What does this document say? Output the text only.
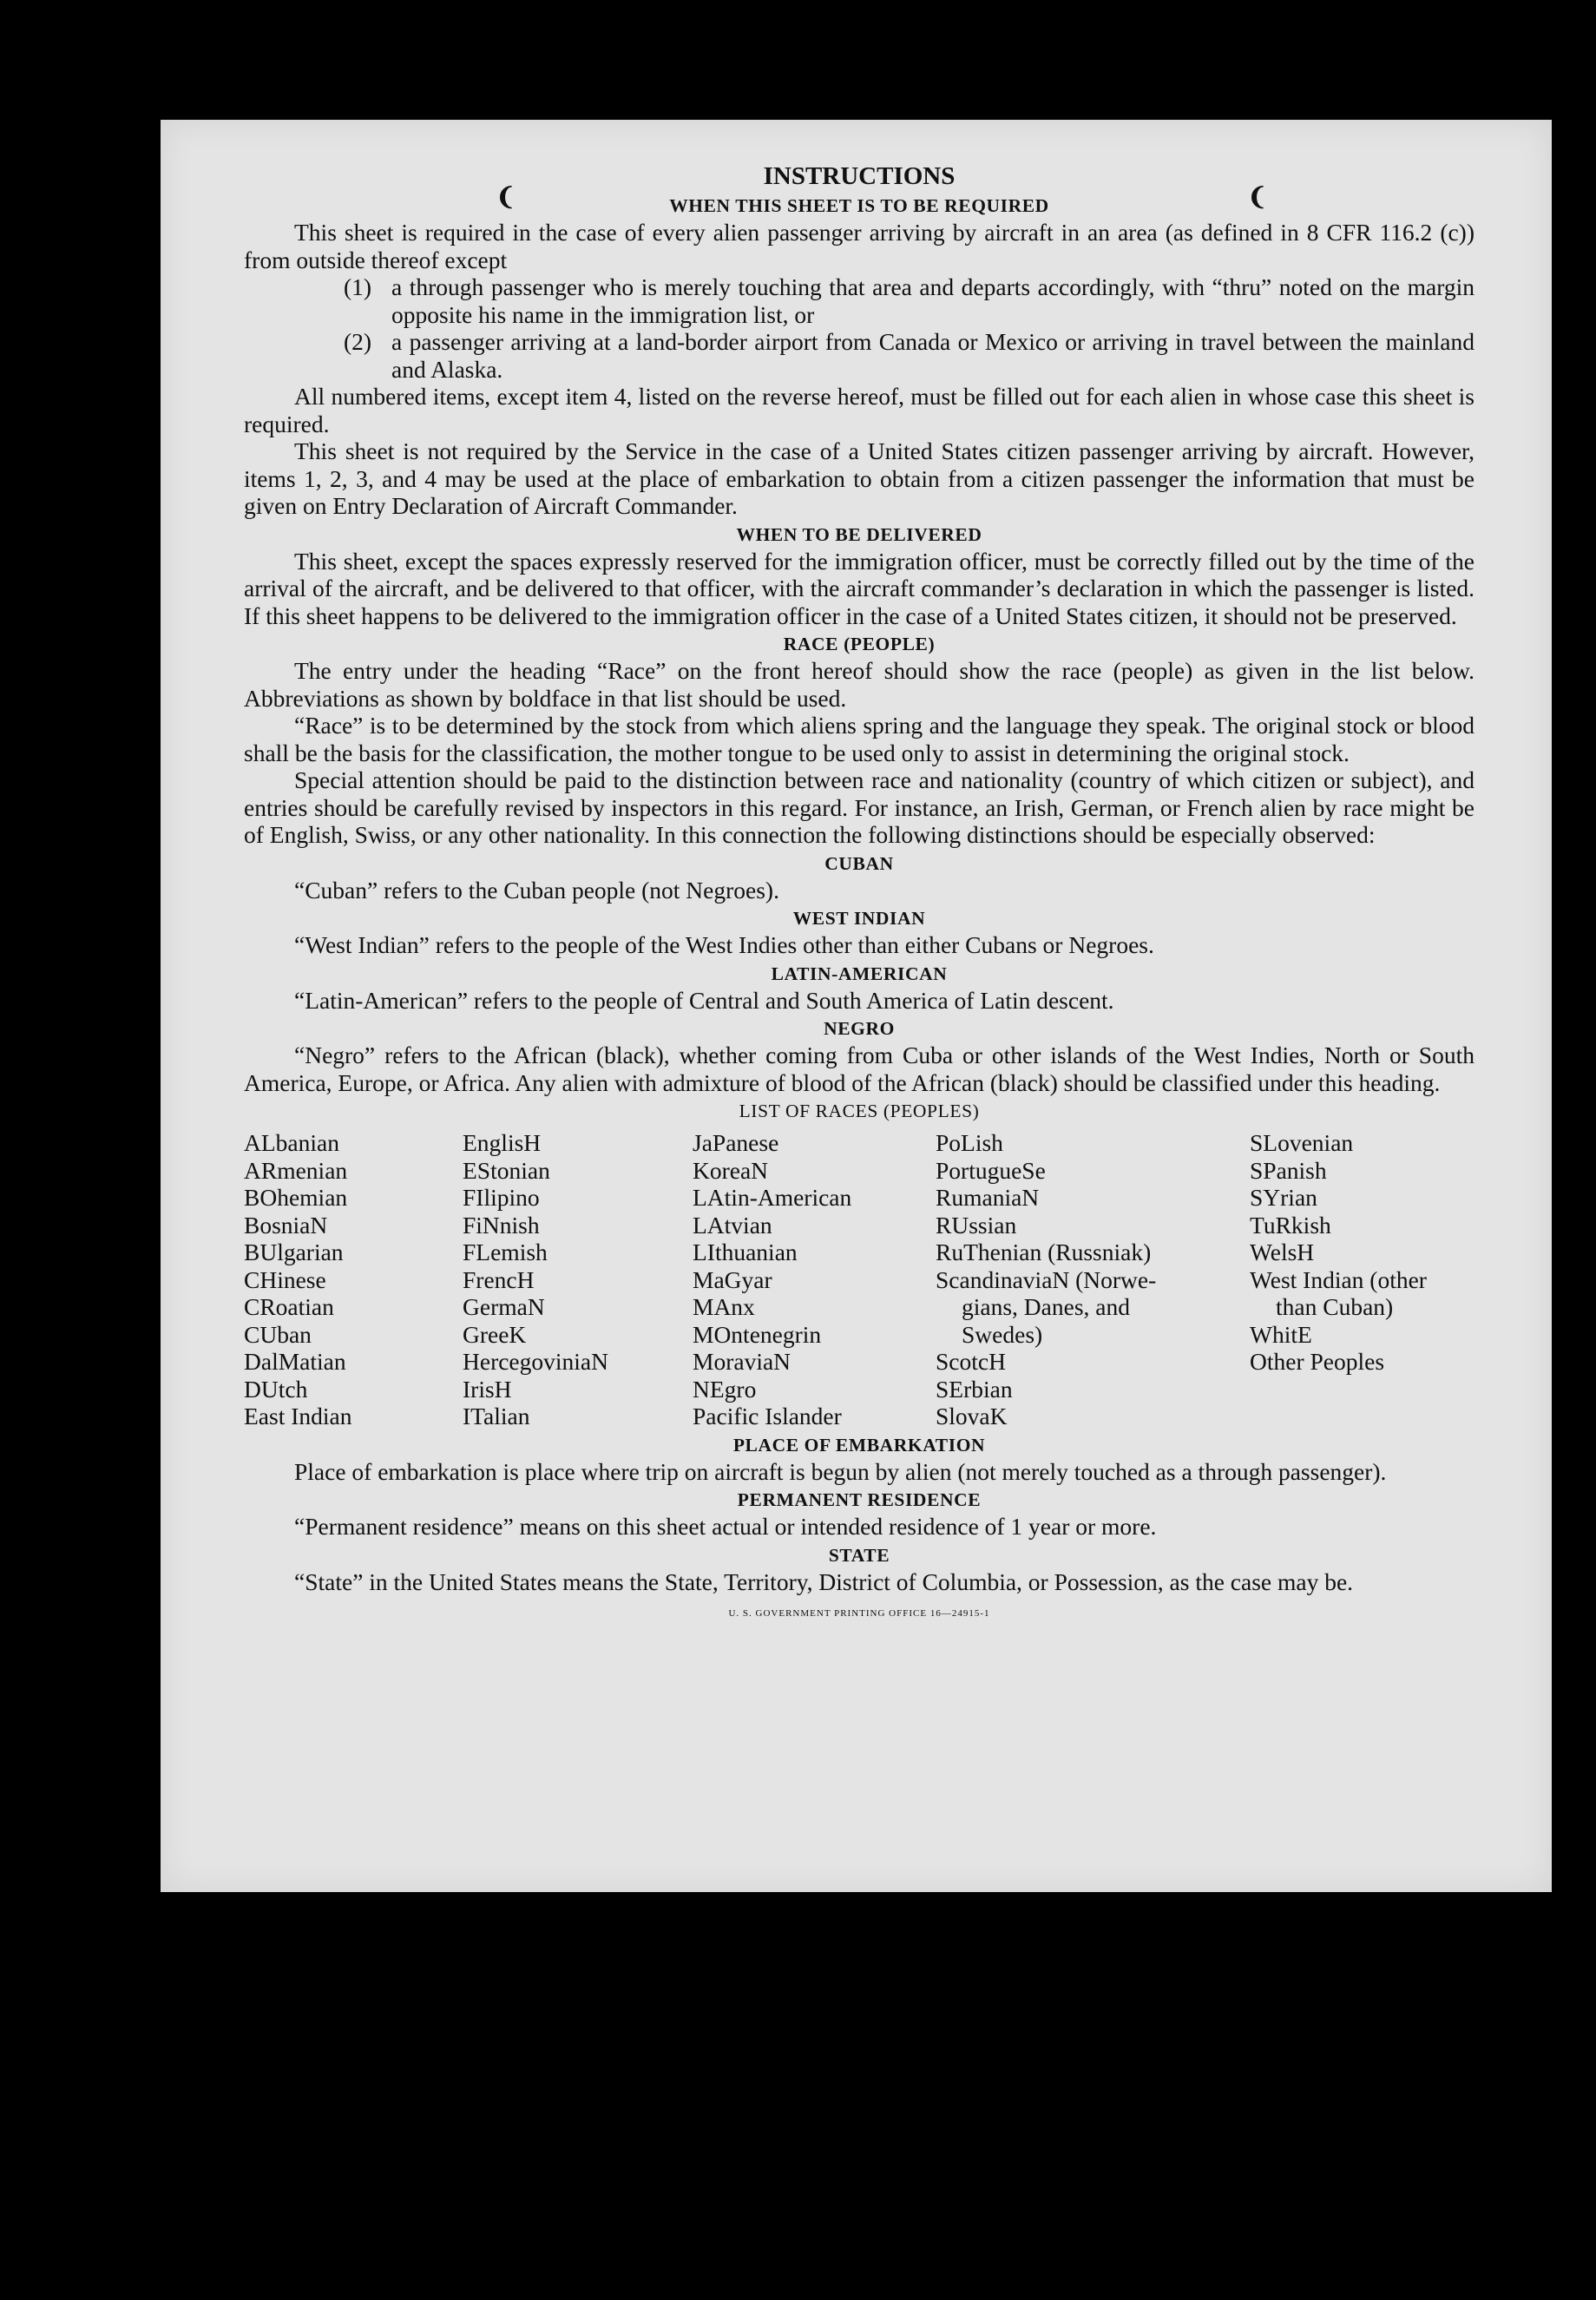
❨	❨
INSTRUCTIONS
WHEN THIS SHEET IS TO BE REQUIRED

This sheet is required in the case of every alien passenger arriving by aircraft in an area (as defined in 8 CFR 116.2 (c)) from outside thereof except

(1) a through passenger who is merely touching that area and departs accordingly, with “thru” noted on the margin opposite his name in the immigration list, or
(2) a passenger arriving at a land-border airport from Canada or Mexico or arriving in travel between the mainland and Alaska.

All numbered items, except item 4, listed on the reverse hereof, must be filled out for each alien in whose case this sheet is required.

This sheet is not required by the Service in the case of a United States citizen passenger arriving by aircraft. However, items 1, 2, 3, and 4 may be used at the place of embarkation to obtain from a citizen passenger the information that must be given on Entry Declaration of Aircraft Commander.

WHEN TO BE DELIVERED

This sheet, except the spaces expressly reserved for the immigration officer, must be correctly filled out by the time of the arrival of the aircraft, and be delivered to that officer, with the aircraft commander’s declaration in which the passenger is listed. If this sheet happens to be delivered to the immigration officer in the case of a United States citizen, it should not be preserved.

RACE (PEOPLE)

The entry under the heading “Race” on the front hereof should show the race (people) as given in the list below. Abbreviations as shown by boldface in that list should be used.

“Race” is to be determined by the stock from which aliens spring and the language they speak. The original stock or blood shall be the basis for the classification, the mother tongue to be used only to assist in determining the original stock.

Special attention should be paid to the distinction between race and nationality (country of which citizen or subject), and entries should be carefully revised by inspectors in this regard. For instance, an Irish, German, or French alien by race might be of English, Swiss, or any other nationality. In this connection the following distinctions should be especially observed:

CUBAN

“Cuban” refers to the Cuban people (not Negroes).

WEST INDIAN

“West Indian” refers to the people of the West Indies other than either Cubans or Negroes.

LATIN-AMERICAN

“Latin-American” refers to the people of Central and South America of Latin descent.

NEGRO

“Negro” refers to the African (black), whether coming from Cuba or other islands of the West Indies, North or South America, Europe, or Africa. Any alien with admixture of blood of the African (black) should be classified under this heading.

LIST OF RACES (PEOPLES)
ALbanian
ARmenian
BOhemian
BosniaN
BUlgarian
CHinese
CRoatian
CUban
DalMatian
DUtch
East Indian
EnglisH
EStonian
FIlipino
FiNnish
FLemish
FrencH
GermaN
GreeK
HercegoviniaN
IrisH
ITalian
JaPanese
KoreaN
LAtin-American
LAtvian
LIthuanian
MaGyar
MAnx
MOntenegrin
MoraviaN
NEgro
Pacific Islander
PoLish
PortugueSe
RumaniaN
RUssian
RuThenian (Russniak)
ScandinaviaN (Norwe-
gians, Danes, and
Swedes)
ScotcH
SErbian
SlovaK
SLovenian
SPanish
SYrian
TuRkish
WelsH
West Indian (other
than Cuban)
WhitE
Other Peoples
PLACE OF EMBARKATION

Place of embarkation is place where trip on aircraft is begun by alien (not merely touched as a through passenger).

PERMANENT RESIDENCE

“Permanent residence” means on this sheet actual or intended residence of 1 year or more.

STATE

“State” in the United States means the State, Territory, District of Columbia, or Possession, as the case may be.

U. S. GOVERNMENT PRINTING OFFICE 16—24915-1
